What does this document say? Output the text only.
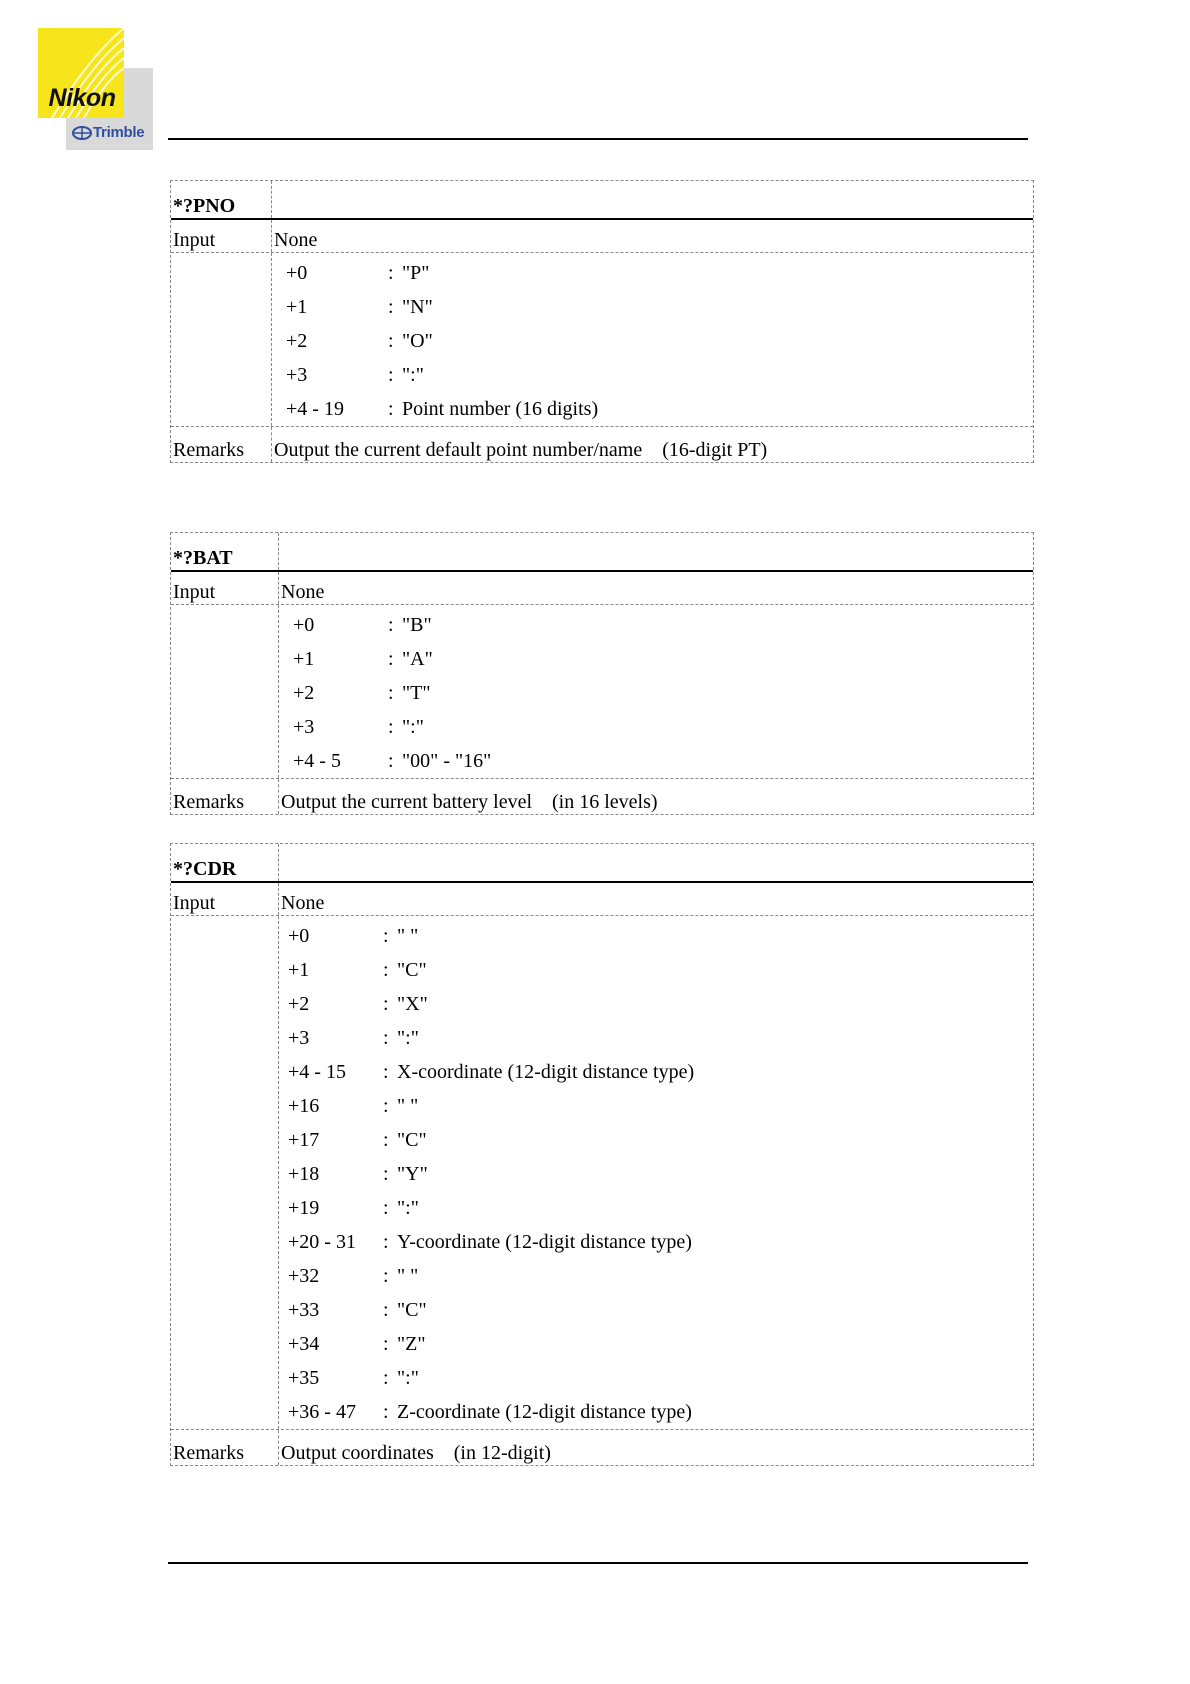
Nikon
Trimble
*?PNO
Input	None
+0	: "P"
+1	: "N"
+2	: "O"
+3	: ":"
+4 - 19	: Point number (16 digits)
Remarks Output the current default point number/name    (16-digit PT)
*?BAT
Input	None
+0	: "B"
+1	: "A"
+2	: "T"
+3	: ":"
+4 - 5	: "00" - "16"
Remarks Output the current battery level    (in 16 levels)
*?CDR
Input	None
+0	: " "
+1	: "C"
+2	: "X"
+3	: ":"
+4 - 15	: X-coordinate (12-digit distance type)
+16	: " "
+17	: "C"
+18	: "Y"
+19	: ":"
+20 - 31	: Y-coordinate (12-digit distance type)
+32	: " "
+33	: "C"
+34	: "Z"
+35	: ":"
+36 - 47	: Z-coordinate (12-digit distance type)
Remarks Output coordinates    (in 12-digit)
